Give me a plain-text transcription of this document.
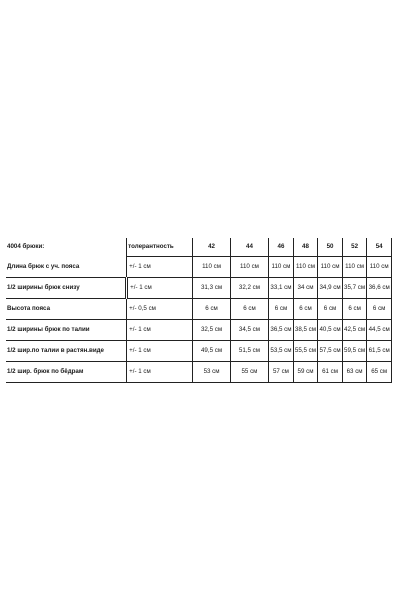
4004 брюки:	толерантность	42	44	46	48	50	52	54
Длина брюк с уч. пояса	+/- 1 см	110 см	110 см	110 см	110 см	110 см	110 см	110 см
1/2 ширины брюк снизу	+/- 1 см	31,3 см	32,2 см	33,1 см	34 см	34,9 см	35,7 см	36,6 см
Высота пояса	+/- 0,5 см	6 см	6 см	6 см	6 см	6 см	6 см	6 см
1/2 ширины брюк по талии	+/- 1 см	32,5 см	34,5 см	36,5 см	38,5 см	40,5 см	42,5 см	44,5 см
1/2 шир.по талии в растян.виде	+/- 1 см	49,5 см	51,5 см	53,5 см	55,5 см	57,5 см	59,5 см	61,5 см
1/2 шир. брюк по бёдрам	+/- 1 см	53 см	55 см	57 см	59 см	61 см	63 см	65 см
